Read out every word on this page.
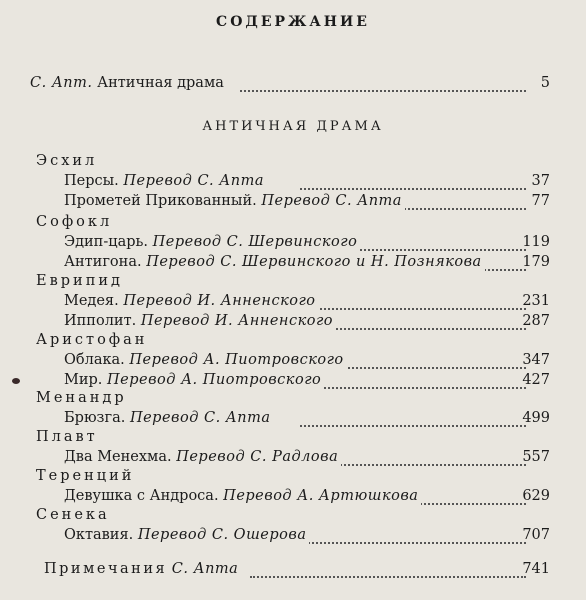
СОДЕРЖАНИЕ
С. Апт. Античная драма	5
АНТИЧНАЯ ДРАМА
Эсхил
Персы. Перевод С. Апта	37
Прометей Прикованный. Перевод С. Апта	77
Софокл
Эдип-царь. Перевод С. Шервинского	119
Антигона. Перевод С. Шервинского и Н. Познякова	179
Еврипид
Медея. Перевод И. Анненского	231
Ипполит. Перевод И. Анненского	287
Аристофан
Облака. Перевод А. Пиотровского	347
Мир. Перевод А. Пиотровского	427
Менандр
Брюзга. Перевод С. Апта	499
Плавт
Два Менехма. Перевод С. Радлова	557
Теренций
Девушка с Андроса. Перевод А. Артюшкова	629
Сенека
Октавия. Перевод С. Ошерова	707
Примечания С. Апта	741
